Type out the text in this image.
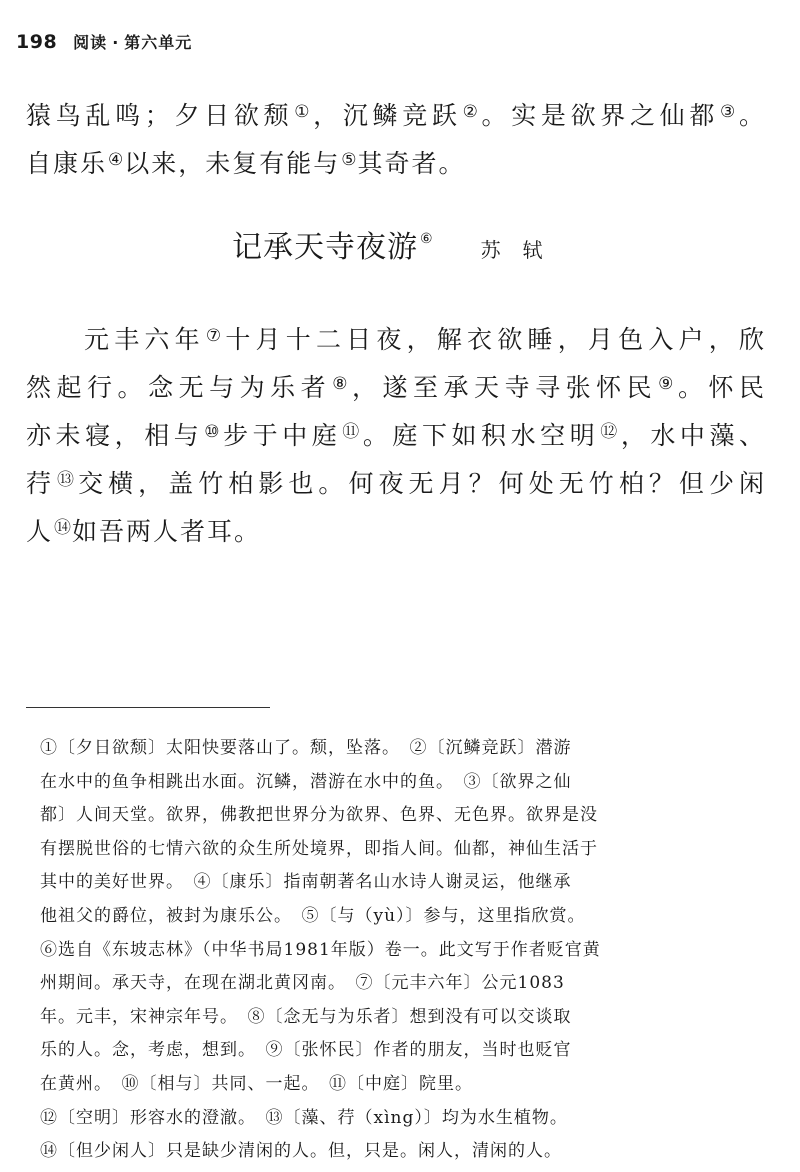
198 阅读 · 第六单元
猿鸟乱鸣；夕日欲颓①，沉鳞竞跃②。实是欲界之仙都③。
自康乐④以来，未复有能与⑤其奇者。
记承天寺夜游 ⑥ 苏轼
元丰六年⑦十月十二日夜，解衣欲睡，月色入户，欣
然起行。念无与为乐者⑧，遂至承天寺寻张怀民⑨。怀民
亦未寝，相与⑩步于中庭⑪。庭下如积水空明⑫，水中藻、
荇⑬交横，盖竹柏影也。何夜无月？何处无竹柏？但少闲
人⑭如吾两人者耳。
①〔夕日欲颓〕太阳快要落山了。颓，坠落。　②〔沉鳞竞跃〕潜游
在水中的鱼争相跳出水面。沉鳞，潜游在水中的鱼。　③〔欲界之仙
都〕人间天堂。欲界，佛教把世界分为欲界、色界、无色界。欲界是没
有摆脱世俗的七情六欲的众生所处境界，即指人间。仙都，神仙生活于
其中的美好世界。　④〔康乐〕指南朝著名山水诗人谢灵运，他继承
他祖父的爵位，被封为康乐公。　⑤〔与（yù）〕参与，这里指欣赏。
⑥选自《东坡志林》（中华书局1981年版）卷一。此文写于作者贬官黄
州期间。承天寺，在现在湖北黄冈南。　⑦〔元丰六年〕公元1083
年。元丰，宋神宗年号。　⑧〔念无与为乐者〕想到没有可以交谈取
乐的人。念，考虑，想到。　⑨〔张怀民〕作者的朋友，当时也贬官
在黄州。　⑩〔相与〕共同、一起。　⑪〔中庭〕院里。
⑫〔空明〕形容水的澄澈。　⑬〔藻、荇（xìng）〕均为水生植物。
⑭〔但少闲人〕只是缺少清闲的人。但，只是。闲人，清闲的人。
